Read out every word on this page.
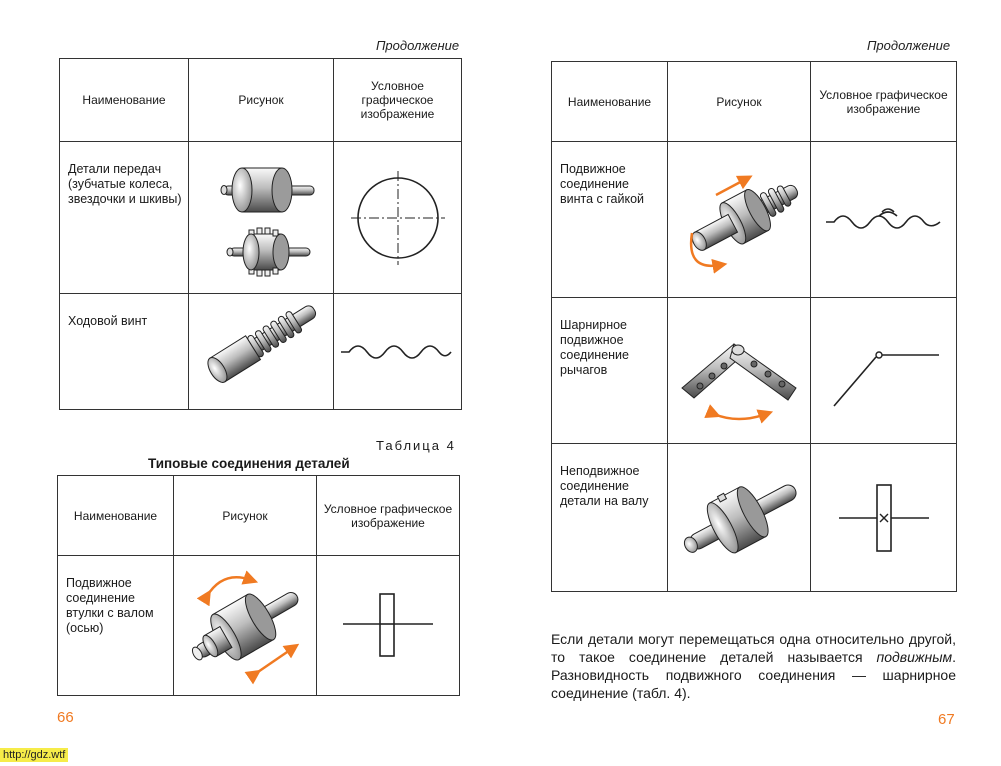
Продолжение
Наименование	Рисунок	Условное графическое изображение
Детали передач (зубчатые колеса, звездочки и шкивы)	

Ходовой винт	

Таблица 4
Типовые соединения деталей
Наименование	Рисунок	Условное графическое изображение
Подвижное соединение втулки с валом (осью)	

66
Продолжение
Наименование	Рисунок	Условное графическое изображение
Подвижное соединение винта с гайкой	

Шарнирное подвижное соединение рычагов	

Неподвижное соединение детали на валу	

Если детали могут перемещаться одна относительно другой, то такое соединение деталей называется подвижным. Разновидность подвижного соединения — шарнирное соединение (табл. 4).

67
http://gdz.wtf
